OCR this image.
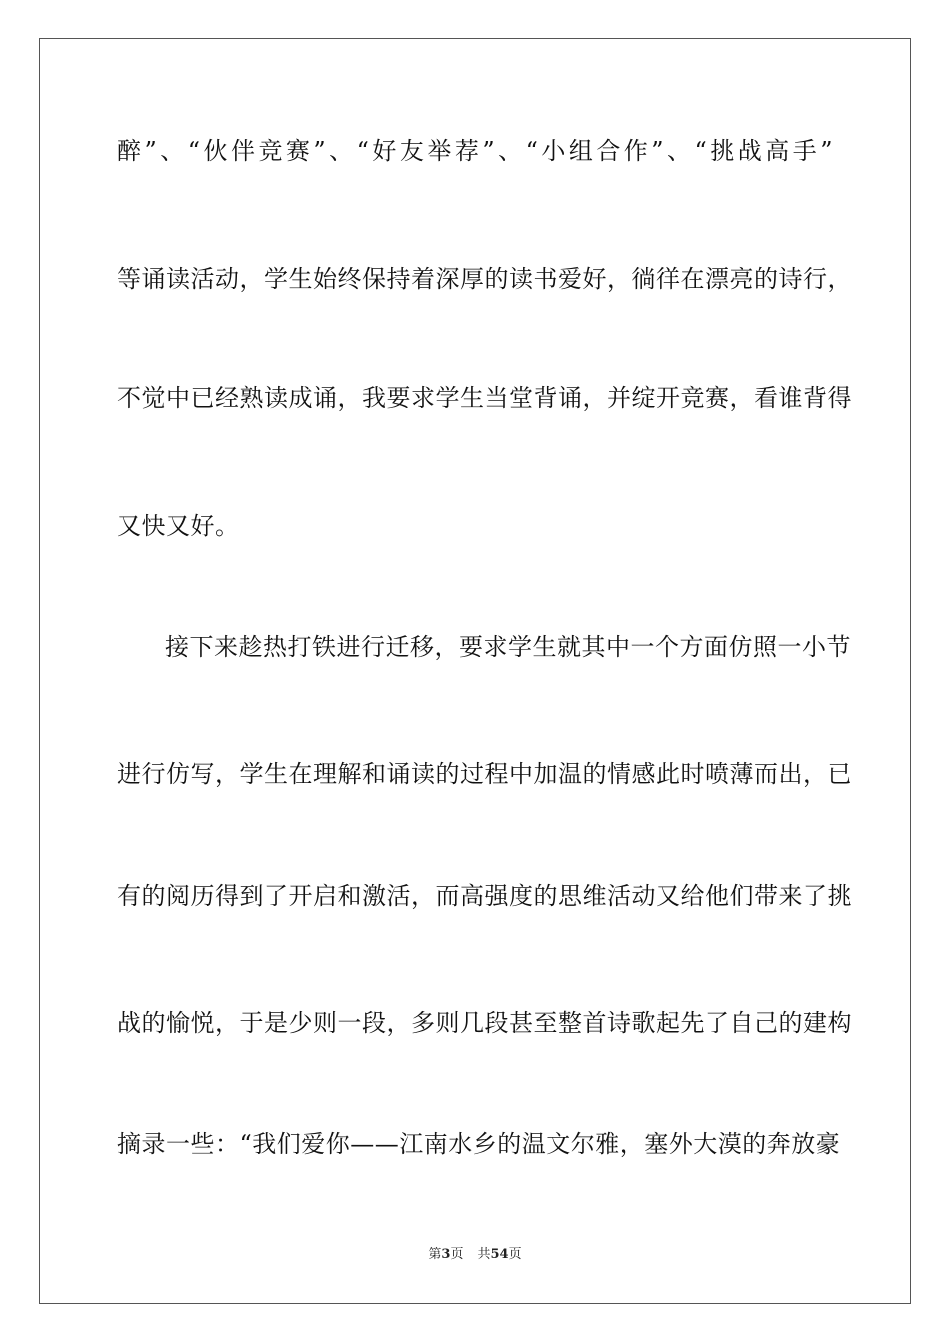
醉”、“伙伴竞赛”、“好友举荐”、“小组合作”、“挑战高手”
等诵读活动，学生始终保持着深厚的读书爱好，徜徉在漂亮的诗行，
不觉中已经熟读成诵，我要求学生当堂背诵，并绽开竞赛，看谁背得
又快又好。
接下来趁热打铁进行迁移，要求学生就其中一个方面仿照一小节
进行仿写，学生在理解和诵读的过程中加温的情感此时喷薄而出，已
有的阅历得到了开启和激活，而高强度的思维活动又给他们带来了挑
战的愉悦，于是少则一段，多则几段甚至整首诗歌起先了自己的建构
摘录一些：“我们爱你——江南水乡的温文尔雅，塞外大漠的奔放豪
第3页 共54页
